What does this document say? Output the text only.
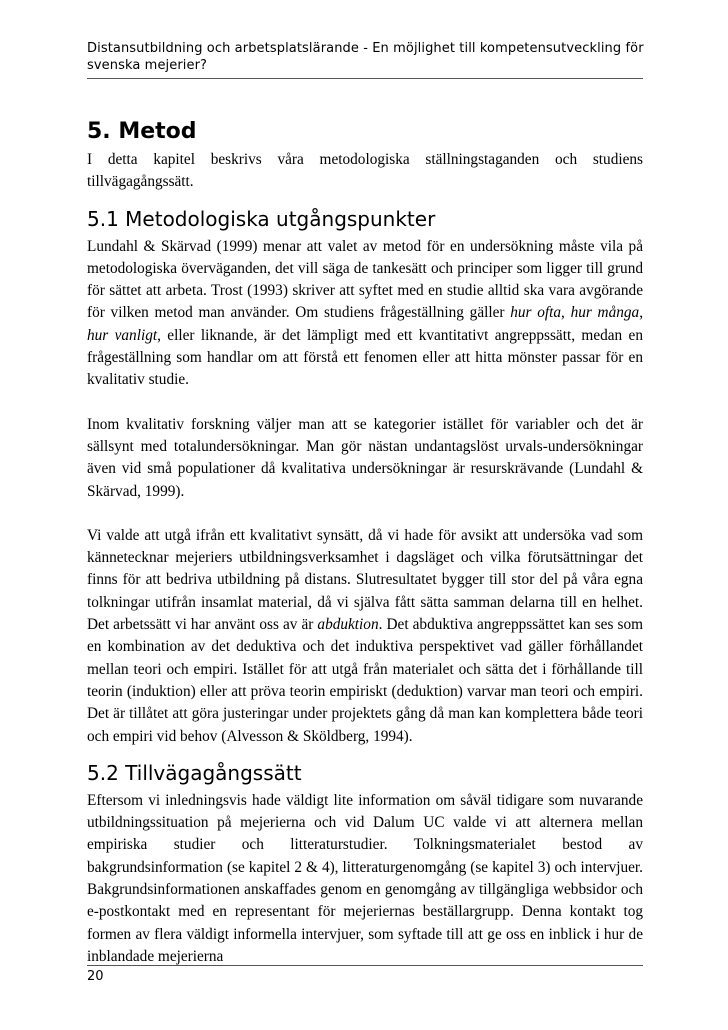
Distansutbildning och arbetsplatslärande - En möjlighet till kompetensutveckling för svenska mejerier?
5. Metod

I detta kapitel beskrivs våra metodologiska ställningstaganden och studiens tillvägagångssätt.

5.1 Metodologiska utgångspunkter

Lundahl & Skärvad (1999) menar att valet av metod för en undersökning måste vila på metodologiska överväganden, det vill säga de tankesätt och principer som ligger till grund för sättet att arbeta. Trost (1993) skriver att syftet med en studie alltid ska vara avgörande för vilken metod man använder. Om studiens frågeställning gäller hur ofta, hur många, hur vanligt, eller liknande, är det lämpligt med ett kvantitativt angreppssätt, medan en frågeställning som handlar om att förstå ett fenomen eller att hitta mönster passar för en kvalitativ studie.

Inom kvalitativ forskning väljer man att se kategorier istället för variabler och det är sällsynt med totalundersökningar. Man gör nästan undantagslöst urvals-undersökningar även vid små populationer då kvalitativa undersökningar är resurskrävande (Lundahl & Skärvad, 1999).

Vi valde att utgå ifrån ett kvalitativt synsätt, då vi hade för avsikt att undersöka vad som kännetecknar mejeriers utbildningsverksamhet i dagsläget och vilka förutsättningar det finns för att bedriva utbildning på distans. Slutresultatet bygger till stor del på våra egna tolkningar utifrån insamlat material, då vi själva fått sätta samman delarna till en helhet. Det arbetssätt vi har använt oss av är abduktion. Det abduktiva angreppssättet kan ses som en kombination av det deduktiva och det induktiva perspektivet vad gäller förhållandet mellan teori och empiri. Istället för att utgå från materialet och sätta det i förhållande till teorin (induktion) eller att pröva teorin empiriskt (deduktion) varvar man teori och empiri. Det är tillåtet att göra justeringar under projektets gång då man kan komplettera både teori och empiri vid behov (Alvesson & Sköldberg, 1994).

5.2 Tillvägagångssätt

Eftersom vi inledningsvis hade väldigt lite information om såväl tidigare som nuvarande utbildningssituation på mejerierna och vid Dalum UC valde vi att alternera mellan empiriska studier och litteraturstudier. Tolkningsmaterialet bestod av bakgrundsinformation (se kapitel 2 & 4), litteraturgenomgång (se kapitel 3) och intervjuer. Bakgrundsinformationen anskaffades genom en genomgång av tillgängliga webbsidor och e-postkontakt med en representant för mejeriernas beställargrupp. Denna kontakt tog formen av flera väldigt informella intervjuer, som syftade till att ge oss en inblick i hur de inblandade mejerierna

20
